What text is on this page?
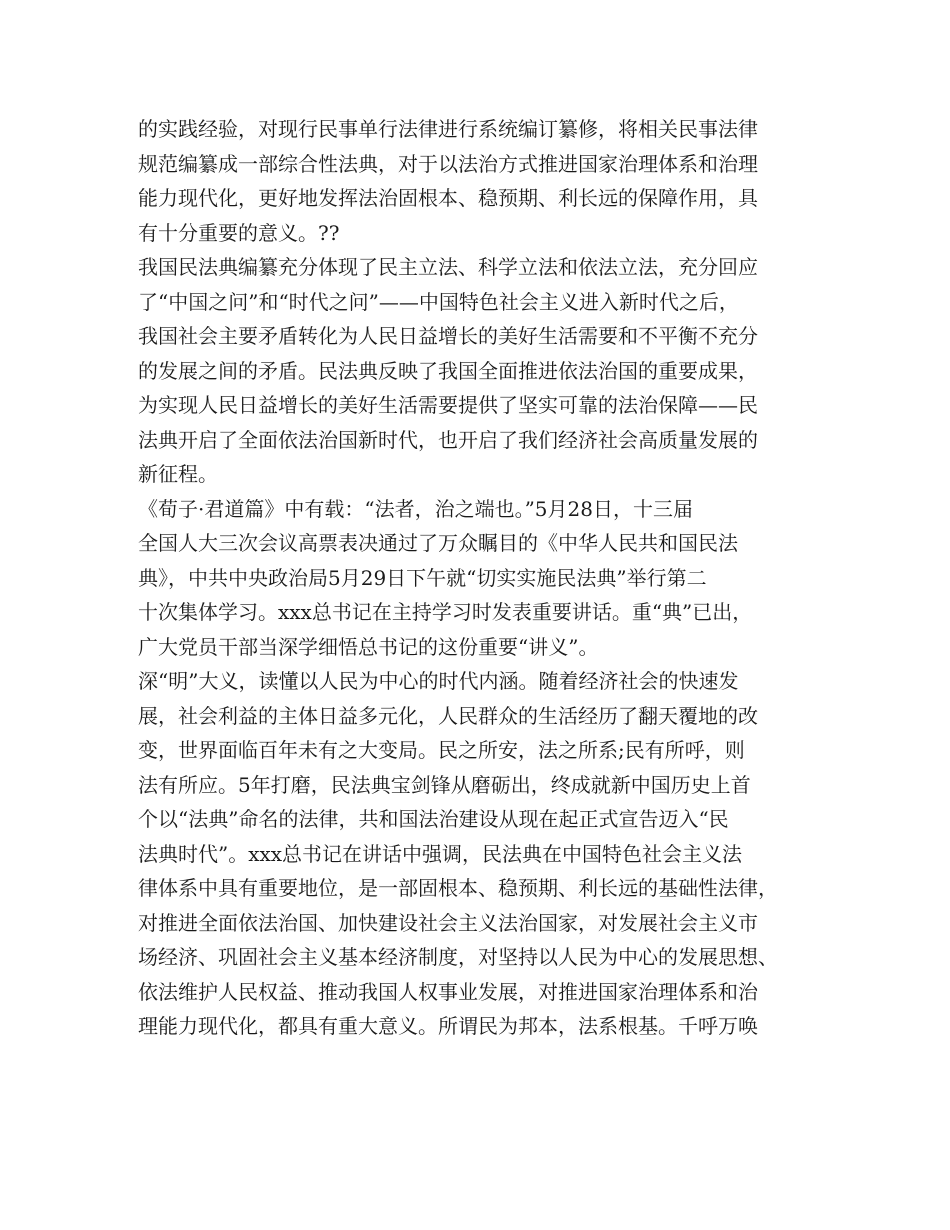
的实践经验，对现行民事单行法律进行系统编订纂修，将相关民事法律
规范编纂成一部综合性法典，对于以法治方式推进国家治理体系和治理
能力现代化，更好地发挥法治固根本、稳预期、利长远的保障作用，具
有十分重要的意义。??
我国民法典编纂充分体现了民主立法、科学立法和依法立法，充分回应
了“中国之问”和“时代之问”——中国特色社会主义进入新时代之后，
我国社会主要矛盾转化为人民日益增长的美好生活需要和不平衡不充分
的发展之间的矛盾。民法典反映了我国全面推进依法治国的重要成果，
为实现人民日益增长的美好生活需要提供了坚实可靠的法治保障——民
法典开启了全面依法治国新时代，也开启了我们经济社会高质量发展的
新征程。
《荀子·君道篇》中有载：“法者，治之端也。”5月28日，十三届
全国人大三次会议高票表决通过了万众瞩目的《中华人民共和国民法
典》，中共中央政治局5月29日下午就“切实实施民法典”举行第二
十次集体学习。xxx总书记在主持学习时发表重要讲话。重“典”已出，
广大党员干部当深学细悟总书记的这份重要“讲义”。
深“明”大义，读懂以人民为中心的时代内涵。随着经济社会的快速发
展，社会利益的主体日益多元化，人民群众的生活经历了翻天覆地的改
变，世界面临百年未有之大变局。民之所安，法之所系;民有所呼，则
法有所应。5年打磨，民法典宝剑锋从磨砺出，终成就新中国历史上首
个以“法典”命名的法律，共和国法治建设从现在起正式宣告迈入“民
法典时代”。xxx总书记在讲话中强调，民法典在中国特色社会主义法
律体系中具有重要地位，是一部固根本、稳预期、利长远的基础性法律，
对推进全面依法治国、加快建设社会主义法治国家，对发展社会主义市
场经济、巩固社会主义基本经济制度，对坚持以人民为中心的发展思想、
依法维护人民权益、推动我国人权事业发展，对推进国家治理体系和治
理能力现代化，都具有重大意义。所谓民为邦本，法系根基。千呼万唤
